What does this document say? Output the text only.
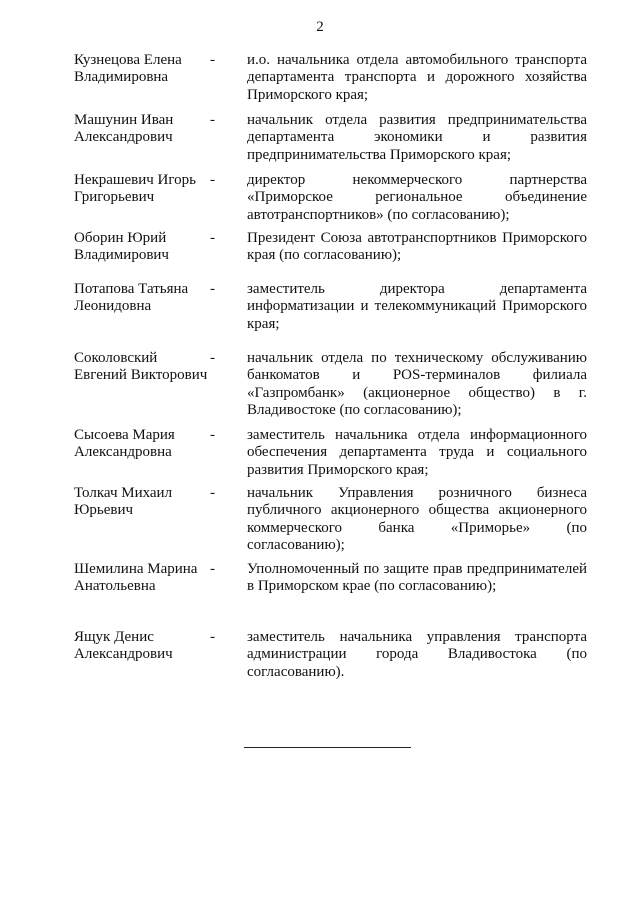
2
Кузнецова Елена Владимировна
- и.о. начальника отдела автомобильного транспорта департамента транспорта и дорожного хозяйства Приморского края;
Машунин Иван Александрович
- начальник отдела развития предпринимательства департамента экономики и развития предпринимательства Приморского края;
Некрашевич Игорь Григорьевич
- директор некоммерческого партнерства «Приморское региональное объединение автотранспортников» (по согласованию);
Оборин Юрий Владимирович
- Президент Союза автотранспортников Приморского края (по согласованию);
Потапова Татьяна Леонидовна
- заместитель директора департамента информатизации и телекоммуникаций Приморского края;
Соколовский Евгений Викторович
- начальник отдела по техническому обслуживанию банкоматов и POS-терминалов филиала «Газпромбанк» (акционерное общество) в г. Владивостоке (по согласованию);
Сысоева Мария Александровна
- заместитель начальника отдела информационного обеспечения департамента труда и социального развития Приморского края;
Толкач Михаил Юрьевич
- начальник Управления розничного бизнеса публичного акционерного общества акционерного коммерческого банка «Приморье» (по согласованию);
Шемилина Марина Анатольевна
- Уполномоченный по защите прав предпринимателей в Приморском крае (по согласованию);
Ящук Денис Александрович
- заместитель начальника управления транспорта администрации города Владивостока (по согласованию).
